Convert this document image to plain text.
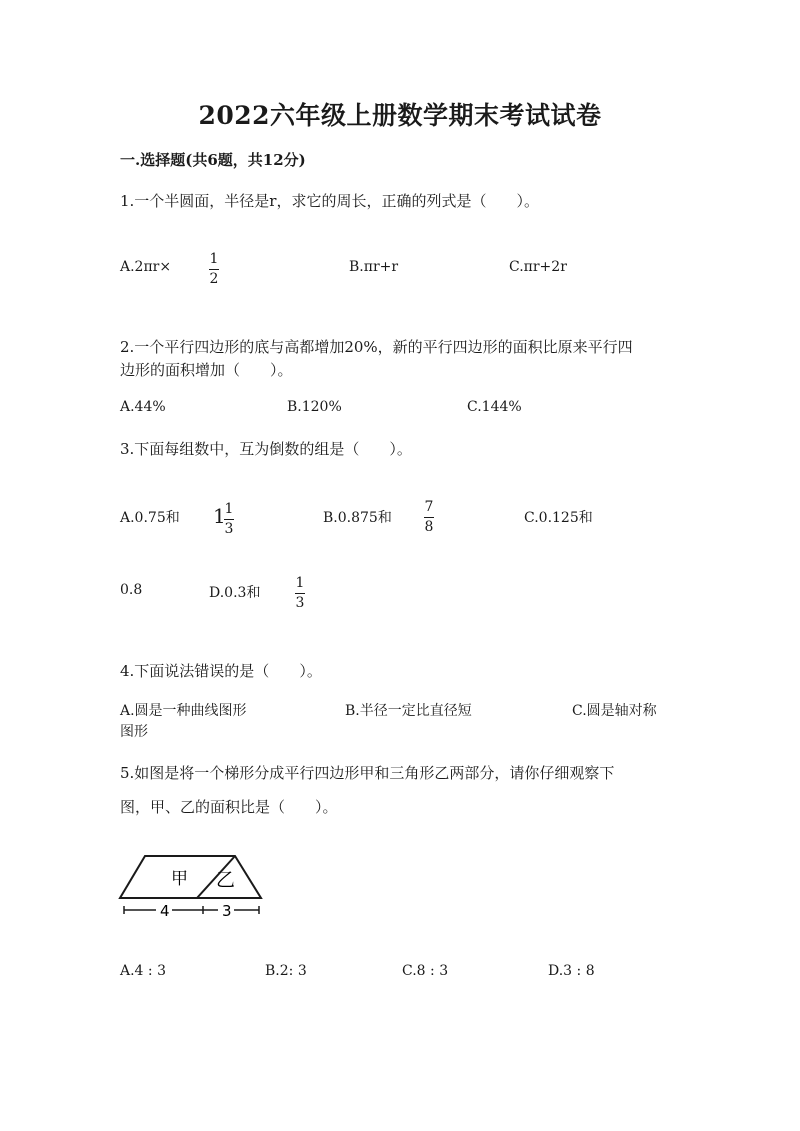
2022六年级上册数学期末考试试卷
一.选择题(共6题，共12分)
1.一个半圆面，半径是r，求它的周长，正确的列式是（　　）。
A.2πr×	1
2
B.πr+r	C.πr+2r
2.一个平行四边形的底与高都增加20%，新的平行四边形的面积比原来平行四
边形的面积增加（　　）。
A.44%	B.120%	C.144%
3.下面每组数中，互为倒数的组是（　　）。
A.0.75和 1
1
3
B.0.875和
7
8
C.0.125和
0.8	D.0.3和
1
3
4.下面说法错误的是（　　）。
A.圆是一种曲线图形	B.半径一定比直径短	C.圆是轴对称
图形
5.如图是将一个梯形分成平行四边形甲和三角形乙两部分，请你仔细观察下
图，甲、乙的面积比是（　　）。
甲 乙
4	3
A.4 : 3	B.2: 3	C.8 : 3	D.3 : 8
